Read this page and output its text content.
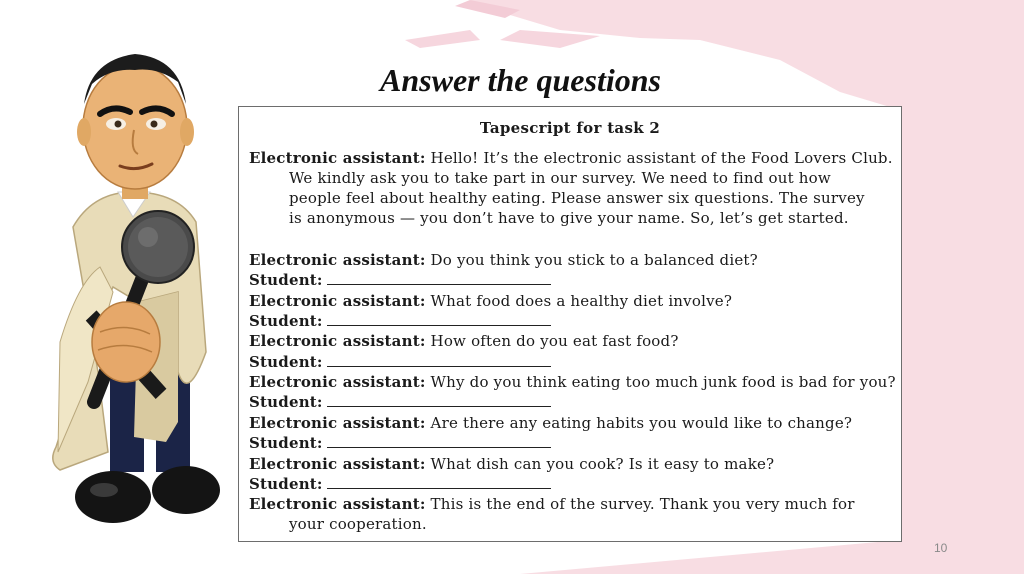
Answer the questions
Tapescript for task 2
Electronic assistant: Hello! It’s the electronic assistant of the Food Lovers Club.
We kindly ask you to take part in our survey. We need to find out how
people feel about healthy eating. Please answer six questions. The survey
is anonymous — you don’t have to give your name. So, let’s get started.
Electronic assistant: Do you think you stick to a balanced diet?
Student:
Electronic assistant: What food does a healthy diet involve?
Student:
Electronic assistant: How often do you eat fast food?
Student:
Electronic assistant: Why do you think eating too much junk food is bad for you?
Student:
Electronic assistant: Are there any eating habits you would like to change?
Student:
Electronic assistant: What dish can you cook? Is it easy to make?
Student:
Electronic assistant: This is the end of the survey. Thank you very much for
your cooperation.
10
